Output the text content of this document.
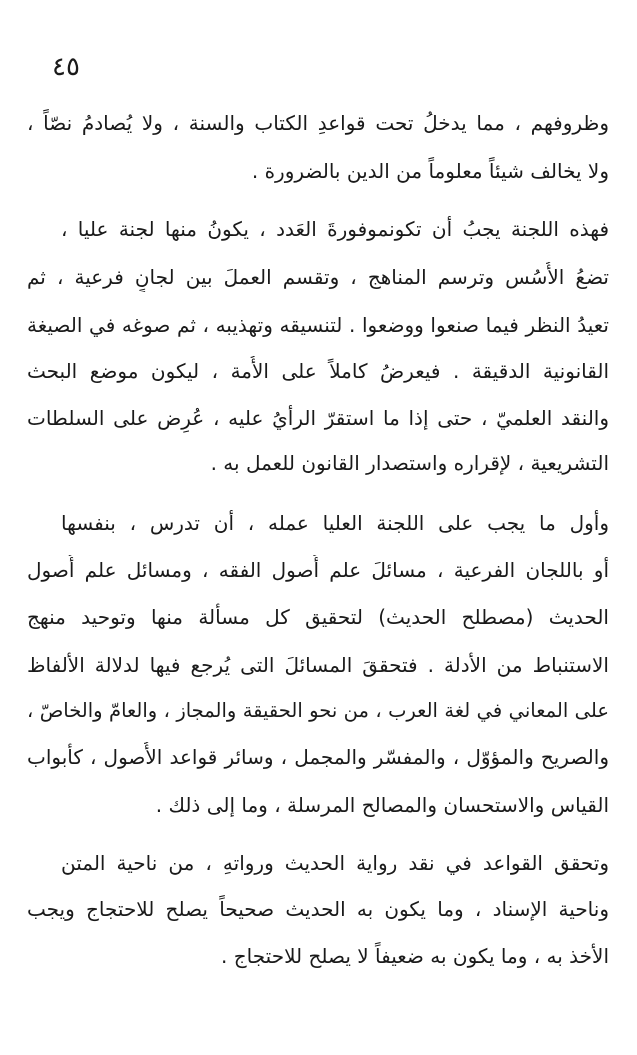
٤٥
وظروفهم ، مما يدخلُ تحت قواعدِ الكتاب والسنة ، ولا يُصادمُ نصّاً ،
ولا يخالف شيئاً معلوماً من الدين بالضرورة .
فهذه اللجنة يجبُ أن تكونموفورةَ العَدد ، يكونُ منها لجنة عليا ،
تضعُ الأُسُس وترسم المناهج ، وتقسم العملَ بين لجانٍ فرعية ، ثم
تعيدُ النظر فيما صنعوا ووضعوا . لتنسيقه وتهذيبه ، ثم صوغه في الصيغة
القانونية الدقيقة . فيعرضُ كاملاً على الأُمة ، ليكون موضع البحث
والنقد العلميّ ، حتى إذا ما استقرّ الرأيُ عليه ، عُرِض على السلطات
التشريعية ، لإقراره واستصدار القانون للعمل به .
وأول ما يجب على اللجنة العليا عمله ، أن تدرس ، بنفسها
أو باللجان الفرعية ، مسائلَ علم أُصول الفقه ، ومسائل علم أُصول
الحديث (مصطلح الحديث) لتحقيق كل مسألة منها وتوحيد منهج
الاستنباط من الأدلة . فتحققَ المسائلَ التى يُرجع فيها لدلالة الألفاظ
على المعاني في لغة العرب ، من نحو الحقيقة والمجاز ، والعامّ والخاصّ ،
والصريح والمؤوّل ، والمفسّر والمجمل ، وسائر قواعد الأُصول ، كأبواب
القياس والاستحسان والمصالح المرسلة ، وما إلى ذلك .
وتحقق القواعد في نقد رواية الحديث ورواتهِ ، من ناحية المتن
وناحية الإسناد ، وما يكون به الحديث صحيحاً يصلح للاحتجاج ويجب
الأخذ به ، وما يكون به ضعيفاً لا يصلح للاحتجاج .
